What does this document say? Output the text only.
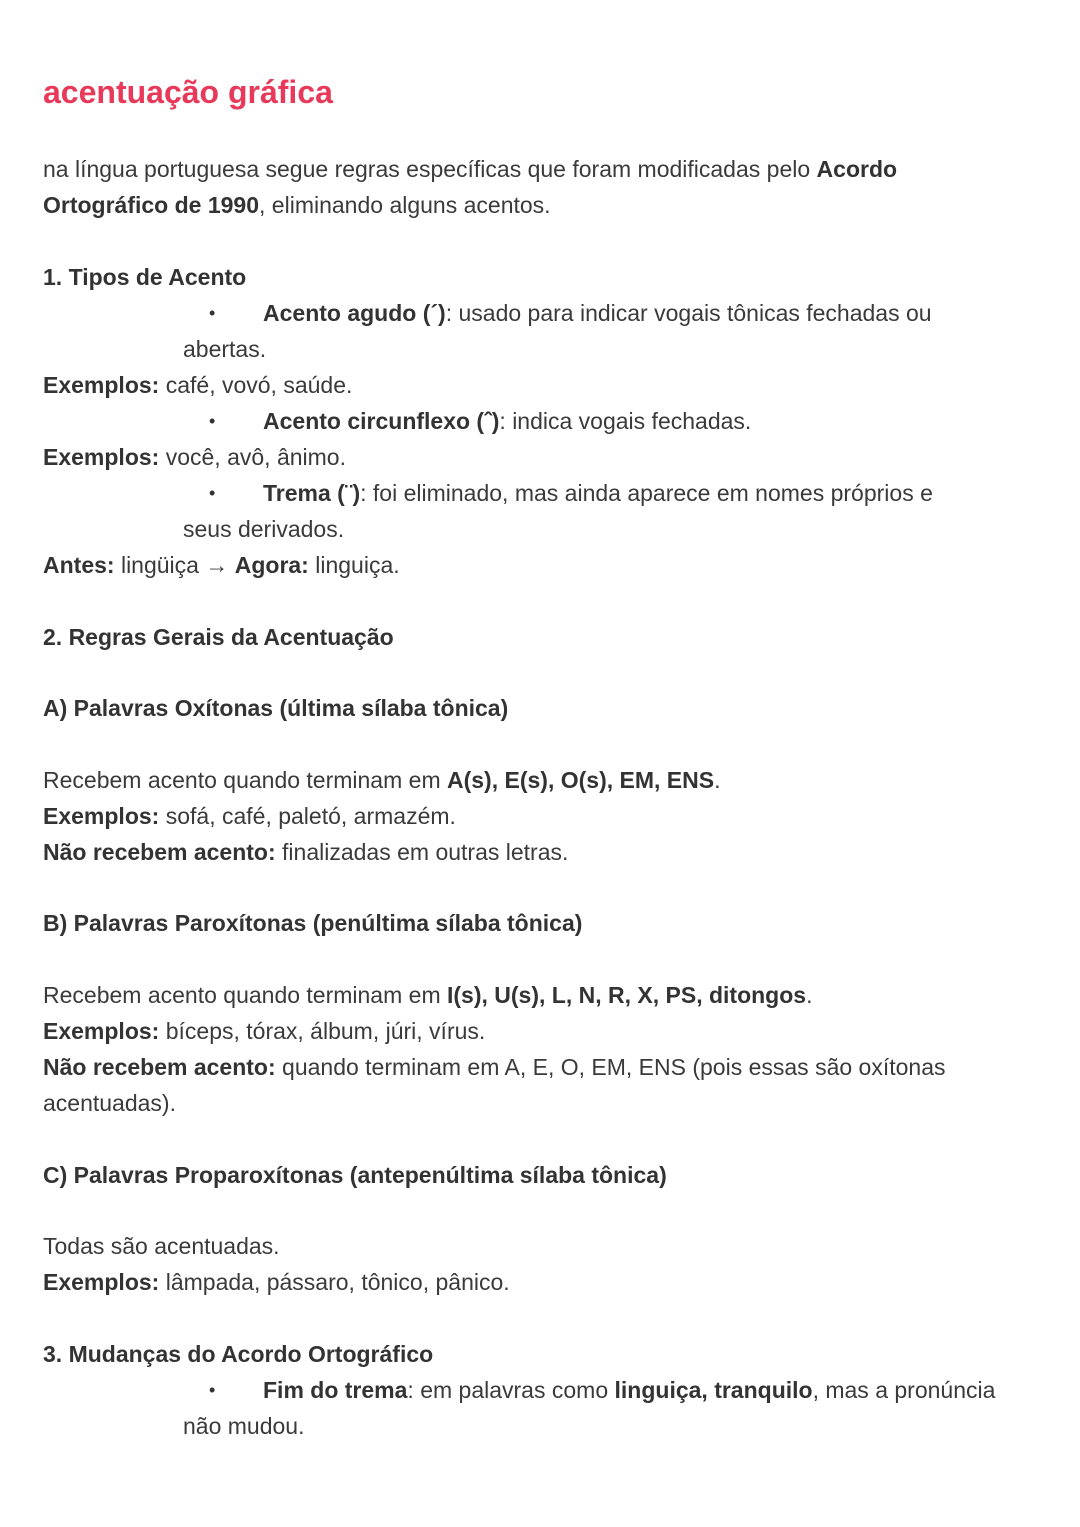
acentuação gráfica
na língua portuguesa segue regras específicas que foram modificadas pelo Acordo
Ortográfico de 1990, eliminando alguns acentos.
1. Tipos de Acento
• Acento agudo (´): usado para indicar vogais tônicas fechadas ou
abertas.
Exemplos: café, vovó, saúde.
• Acento circunflexo (ˆ): indica vogais fechadas.
Exemplos: você, avô, ânimo.
• Trema (¨): foi eliminado, mas ainda aparece em nomes próprios e
seus derivados.
Antes: lingüiça → Agora: linguiça.
2. Regras Gerais da Acentuação
A) Palavras Oxítonas (última sílaba tônica)
Recebem acento quando terminam em A(s), E(s), O(s), EM, ENS.
Exemplos: sofá, café, paletó, armazém.
Não recebem acento: finalizadas em outras letras.
B) Palavras Paroxítonas (penúltima sílaba tônica)
Recebem acento quando terminam em I(s), U(s), L, N, R, X, PS, ditongos.
Exemplos: bíceps, tórax, álbum, júri, vírus.
Não recebem acento: quando terminam em A, E, O, EM, ENS (pois essas são oxítonas
acentuadas).
C) Palavras Proparoxítonas (antepenúltima sílaba tônica)
Todas são acentuadas.
Exemplos: lâmpada, pássaro, tônico, pânico.
3. Mudanças do Acordo Ortográfico
• Fim do trema: em palavras como linguiça, tranquilo, mas a pronúncia
não mudou.
